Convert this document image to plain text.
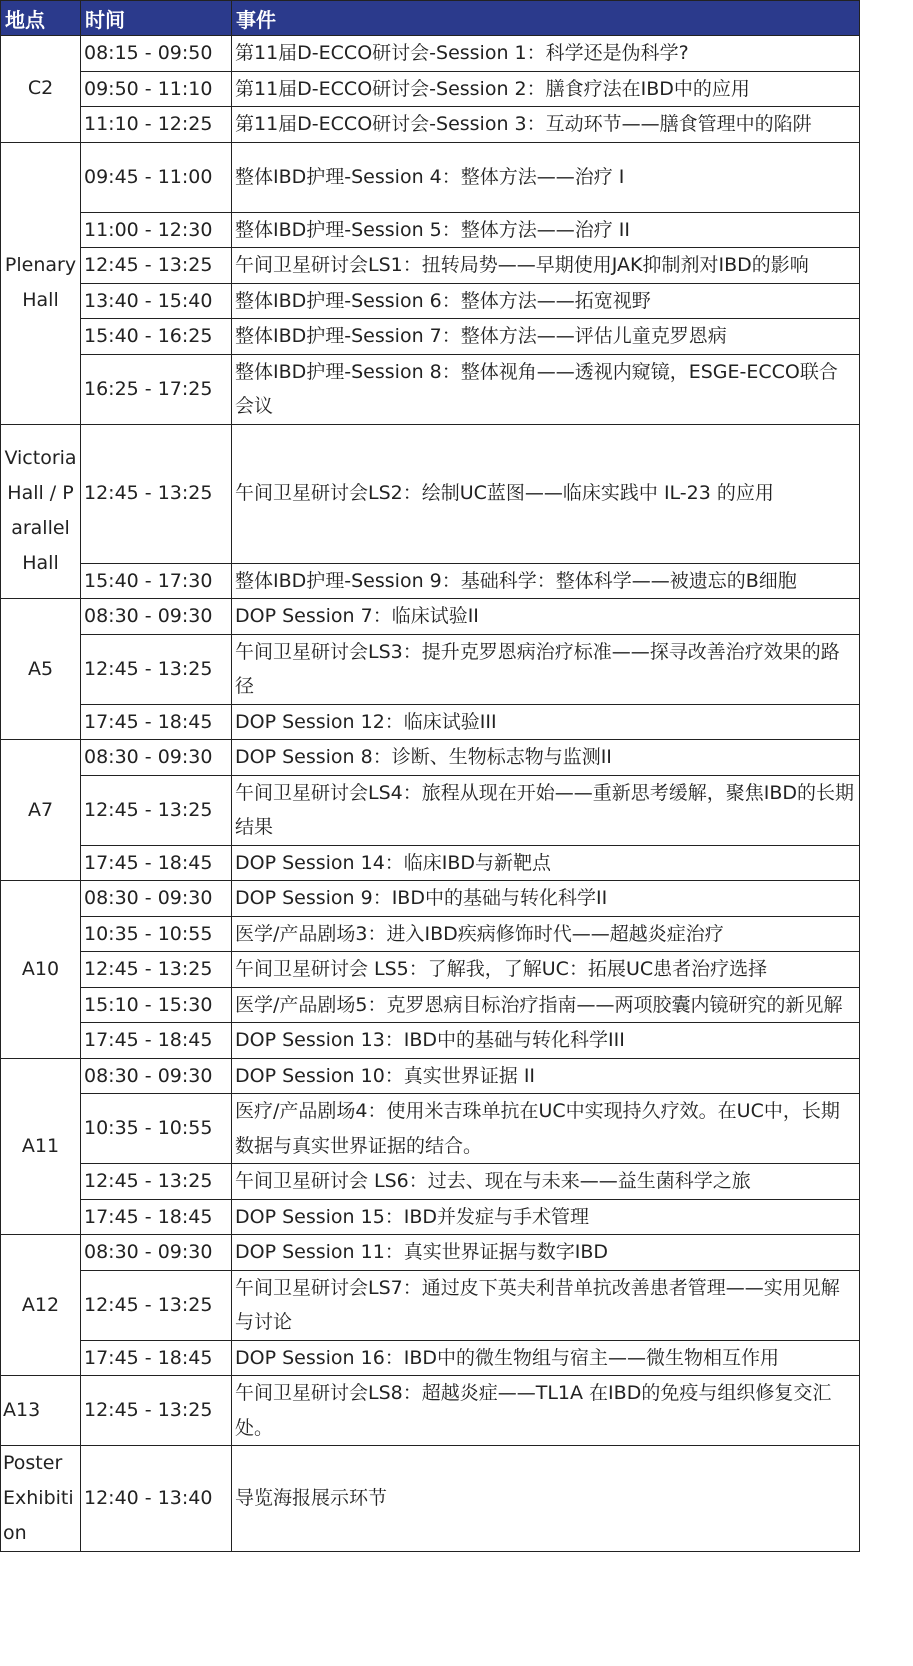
地点	时间	事件
C2	08:15 - 09:50	第11届D-ECCO研讨会-Session 1：科学还是伪科学?
	09:50 - 11:10	第11届D-ECCO研讨会-Session 2：膳食疗法在IBD中的应用
	11:10 - 12:25	第11届D-ECCO研讨会-Session 3：互动环节——膳食管理中的陷阱
Plenary Hall	09:45 - 11:00	整体IBD护理-Session 4：整体方法——治疗 I
	11:00 - 12:30	整体IBD护理-Session 5：整体方法——治疗 II
	12:45 - 13:25	午间卫星研讨会LS1：扭转局势——早期使用JAK抑制剂对IBD的影响
	13:40 - 15:40	整体IBD护理-Session 6：整体方法——拓宽视野
	15:40 - 16:25	整体IBD护理-Session 7：整体方法——评估儿童克罗恩病
	16:25 - 17:25	整体IBD护理-Session 8：整体视角——透视内窥镜，ESGE-ECCO联合会议
Victoria Hall / Parallel Hall	12:45 - 13:25	午间卫星研讨会LS2：绘制UC蓝图——临床实践中 IL-23 的应用
	15:40 - 17:30	整体IBD护理-Session 9：基础科学：整体科学——被遗忘的B细胞
A5	08:30 - 09:30	DOP Session 7：临床试验II
	12:45 - 13:25	午间卫星研讨会LS3：提升克罗恩病治疗标准——探寻改善治疗效果的路径
	17:45 - 18:45	DOP Session 12：临床试验III
A7	08:30 - 09:30	DOP Session 8：诊断、生物标志物与监测II
	12:45 - 13:25	午间卫星研讨会LS4：旅程从现在开始——重新思考缓解，聚焦IBD的长期结果
	17:45 - 18:45	DOP Session 14：临床IBD与新靶点
A10	08:30 - 09:30	DOP Session 9：IBD中的基础与转化科学II
	10:35 - 10:55	医学/产品剧场3：进入IBD疾病修饰时代——超越炎症治疗
	12:45 - 13:25	午间卫星研讨会 LS5：了解我，了解UC：拓展UC患者治疗选择
	15:10 - 15:30	医学/产品剧场5：克罗恩病目标治疗指南——两项胶囊内镜研究的新见解
	17:45 - 18:45	DOP Session 13：IBD中的基础与转化科学III
A11	08:30 - 09:30	DOP Session 10：真实世界证据 II
	10:35 - 10:55	医疗/产品剧场4：使用米吉珠单抗在UC中实现持久疗效。在UC中，长期数据与真实世界证据的结合。
	12:45 - 13:25	午间卫星研讨会 LS6：过去、现在与未来——益生菌科学之旅
	17:45 - 18:45	DOP Session 15：IBD并发症与手术管理
A12	08:30 - 09:30	DOP Session 11：真实世界证据与数字IBD
	12:45 - 13:25	午间卫星研讨会LS7：通过皮下英夫利昔单抗改善患者管理——实用见解与讨论
	17:45 - 18:45	DOP Session 16：IBD中的微生物组与宿主——微生物相互作用
A13	12:45 - 13:25	午间卫星研讨会LS8：超越炎症——TL1A 在IBD的免疫与组织修复交汇处。
Poster Exhibition	12:40 - 13:40	导览海报展示环节
